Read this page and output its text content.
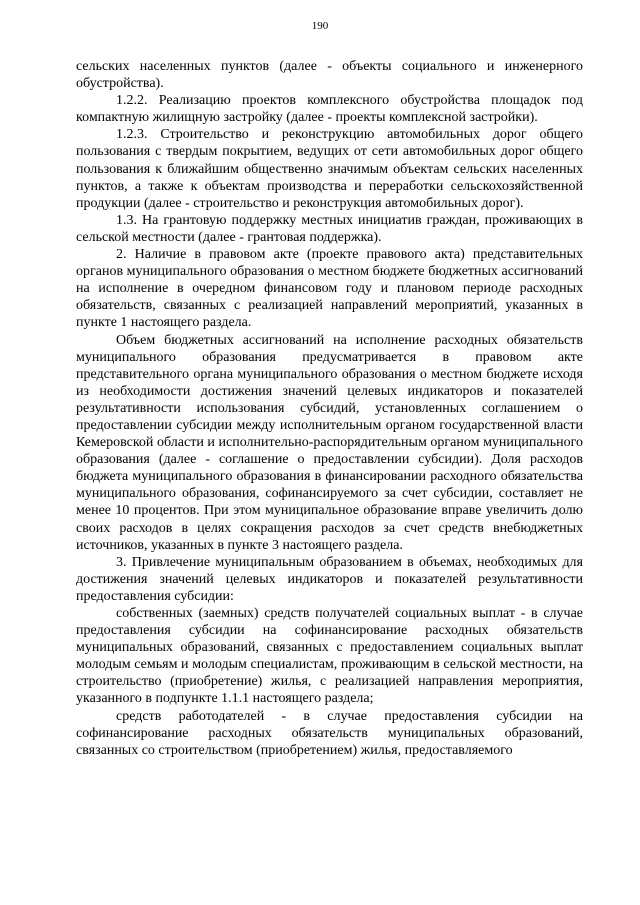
190

сельских населенных пунктов (далее - объекты социального и инженерного обустройства).

1.2.2. Реализацию проектов комплексного обустройства площадок под компактную жилищную застройку (далее - проекты комплексной застройки).

1.2.3. Строительство и реконструкцию автомобильных дорог общего пользования с твердым покрытием, ведущих от сети автомобильных дорог общего пользования к ближайшим общественно значимым объектам сельских населенных пунктов, а также к объектам производства и переработки сельскохозяйственной продукции (далее - строительство и реконструкция автомобильных дорог).

1.3. На грантовую поддержку местных инициатив граждан, проживающих в сельской местности (далее - грантовая поддержка).

2. Наличие в правовом акте (проекте правового акта) представительных органов муниципального образования о местном бюджете бюджетных ассигнований на исполнение в очередном финансовом году и плановом периоде расходных обязательств, связанных с реализацией направлений мероприятий, указанных в пункте 1 настоящего раздела.

Объем бюджетных ассигнований на исполнение расходных обязательств муниципального образования предусматривается в правовом акте представительного органа муниципального образования о местном бюджете исходя из необходимости достижения значений целевых индикаторов и показателей результативности использования субсидий, установленных соглашением о предоставлении субсидии между исполнительным органом государственной власти Кемеровской области и исполнительно-распорядительным органом муниципального образования (далее - соглашение о предоставлении субсидии). Доля расходов бюджета муниципального образования в финансировании расходного обязательства муниципального образования, софинансируемого за счет субсидии, составляет не менее 10 процентов. При этом муниципальное образование вправе увеличить долю своих расходов в целях сокращения расходов за счет средств внебюджетных источников, указанных в пункте 3 настоящего раздела.

3. Привлечение муниципальным образованием в объемах, необходимых для достижения значений целевых индикаторов и показателей результативности предоставления субсидии:

собственных (заемных) средств получателей социальных выплат - в случае предоставления субсидии на софинансирование расходных обязательств муниципальных образований, связанных с предоставлением социальных выплат молодым семьям и молодым специалистам, проживающим в сельской местности, на строительство (приобретение) жилья, с реализацией направления мероприятия, указанного в подпункте 1.1.1 настоящего раздела;

средств работодателей - в случае предоставления субсидии на софинансирование расходных обязательств муниципальных образований, связанных со строительством (приобретением) жилья, предоставляемого
